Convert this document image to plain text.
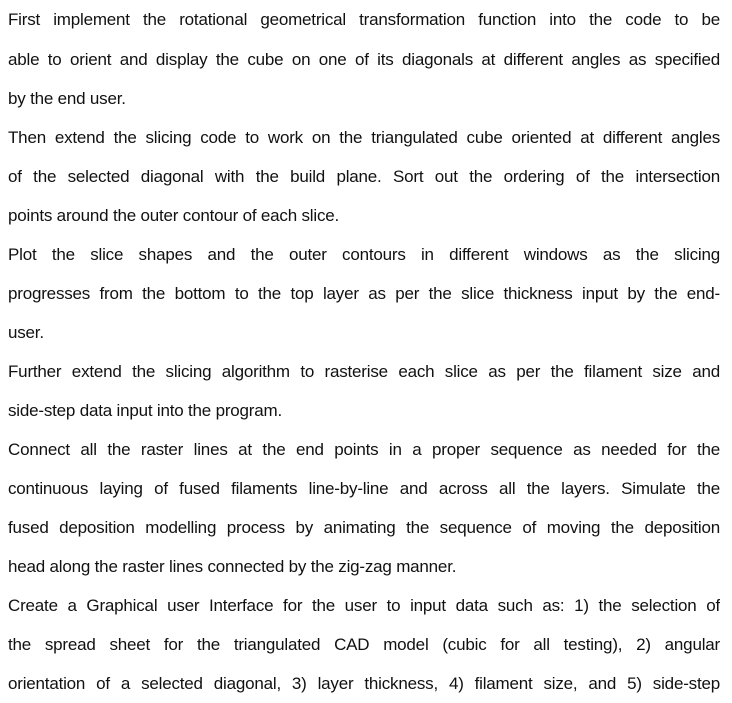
First implement the rotational geometrical transformation function into the code to be
able to orient and display the cube on one of its diagonals at different angles as specified
by the end user.
Then extend the slicing code to work on the triangulated cube oriented at different angles
of the selected diagonal with the build plane. Sort out the ordering of the intersection
points around the outer contour of each slice.
Plot the slice shapes and the outer contours in different windows as the slicing
progresses from the bottom to the top layer as per the slice thickness input by the end-
user.
Further extend the slicing algorithm to rasterise each slice as per the filament size and
side-step data input into the program.
Connect all the raster lines at the end points in a proper sequence as needed for the
continuous laying of fused filaments line-by-line and across all the layers. Simulate the
fused deposition modelling process by animating the sequence of moving the deposition
head along the raster lines connected by the zig-zag manner.
Create a Graphical user Interface for the user to input data such as: 1) the selection of
the spread sheet for the triangulated CAD model (cubic for all testing), 2) angular
orientation of a selected diagonal, 3) layer thickness, 4) filament size, and 5) side-step
